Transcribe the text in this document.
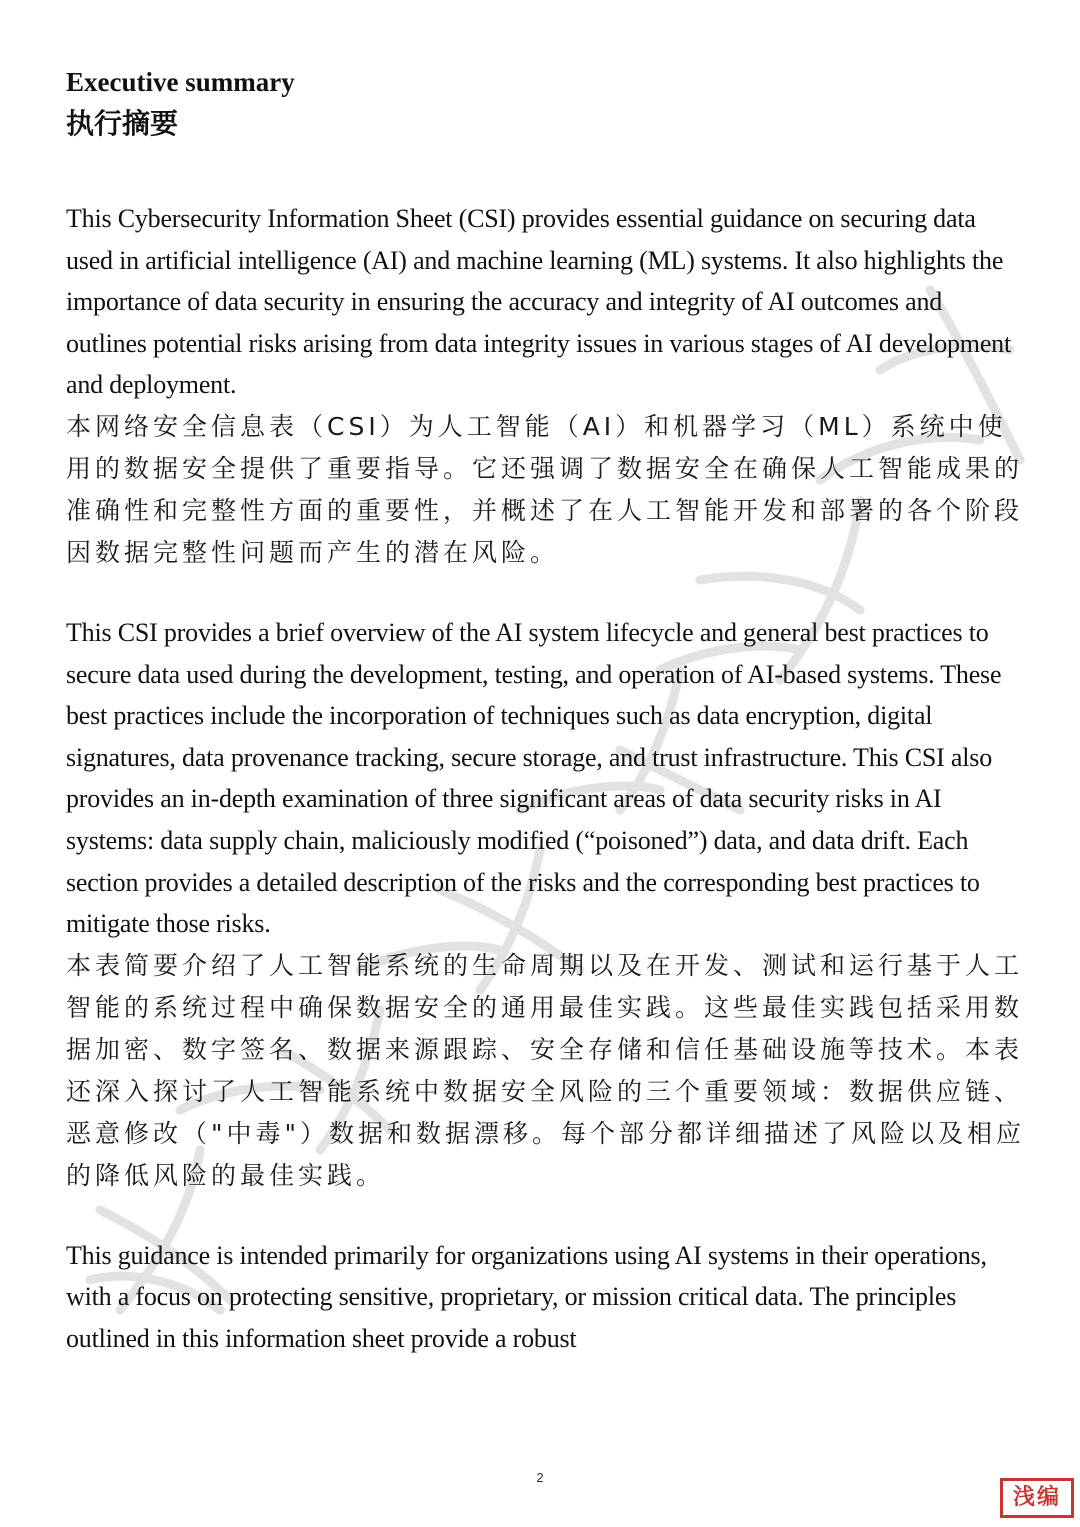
Executive summary
执行摘要

This Cybersecurity Information Sheet (CSI) provides essential guidance on securing data used in artificial intelligence (AI) and machine learning (ML) systems. It also highlights the importance of data security in ensuring the accuracy and integrity of AI outcomes and outlines potential risks arising from data integrity issues in various stages of AI development and deployment.

本网络安全信息表（CSI）为人工智能（AI）和机器学习（ML）系统中使用的数据安全提供了重要指导。它还强调了数据安全在确保人工智能成果的准确性和完整性方面的重要性，并概述了在人工智能开发和部署的各个阶段因数据完整性问题而产生的潜在风险。

This CSI provides a brief overview of the AI system lifecycle and general best practices to secure data used during the development, testing, and operation of AI-based systems. These best practices include the incorporation of techniques such as data encryption, digital signatures, data provenance tracking, secure storage, and trust infrastructure. This CSI also provides an in-depth examination of three significant areas of data security risks in AI systems: data supply chain, maliciously modified (“poisoned”) data, and data drift. Each section provides a detailed description of the risks and the corresponding best practices to mitigate those risks.

本表简要介绍了人工智能系统的生命周期以及在开发、测试和运行基于人工智能的系统过程中确保数据安全的通用最佳实践。这些最佳实践包括采用数据加密、数字签名、数据来源跟踪、安全存储和信任基础设施等技术。本表还深入探讨了人工智能系统中数据安全风险的三个重要领域：数据供应链、恶意修改（"中毒"）数据和数据漂移。每个部分都详细描述了风险以及相应的降低风险的最佳实践。

This guidance is intended primarily for organizations using AI systems in their operations, with a focus on protecting sensitive, proprietary, or mission critical data. The principles outlined in this information sheet provide a robust

2
浅编
